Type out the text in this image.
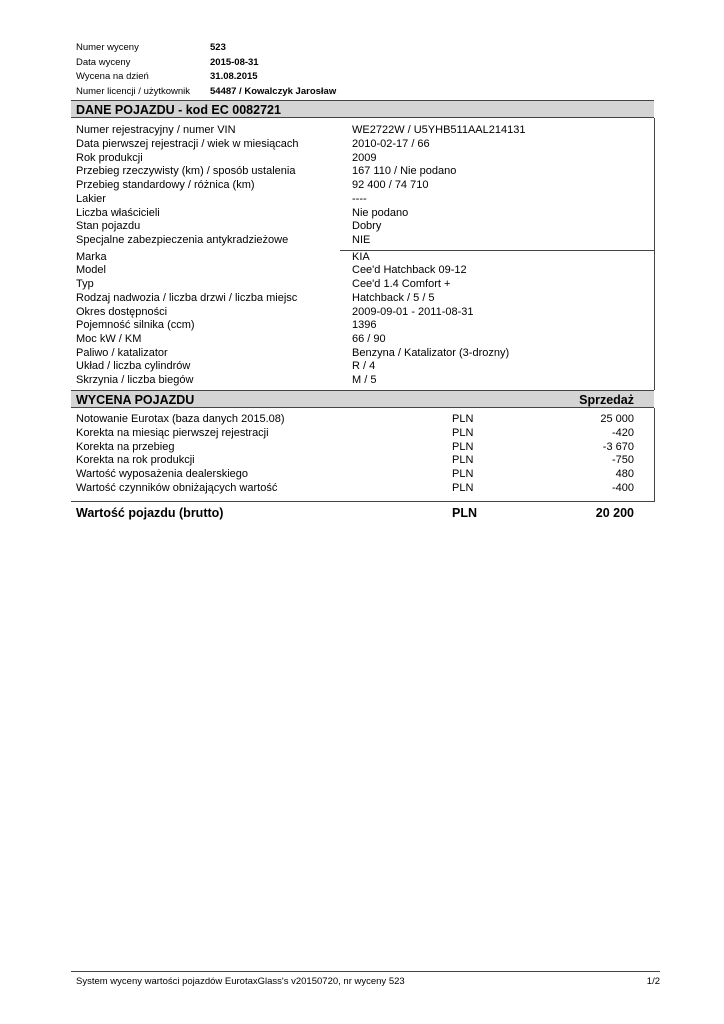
Numer wyceny	523
Data wyceny	2015-08-31
Wycena na dzień	31.08.2015
Numer licencji / użytkownik 54487 / Kowalczyk Jarosław
DANE POJAZDU - kod EC 0082721
Numer rejestracyjny / numer VIN	WE2722W / U5YHB511AAL214131
Data pierwszej rejestracji / wiek w miesiącach	2010-02-17 / 66
Rok produkcji	2009
Przebieg rzeczywisty (km) / sposób ustalenia	167 110 / Nie podano
Przebieg standardowy / różnica (km)	92 400 / 74 710
Lakier	----
Liczba właścicieli	Nie podano
Stan pojazdu	Dobry
Specjalne zabezpieczenia antykradzieżowe	NIE
Marka	KIA
Model	Cee'd Hatchback 09-12
Typ	Cee'd 1.4 Comfort +
Rodzaj nadwozia / liczba drzwi / liczba miejsc	Hatchback / 5 / 5
Okres dostępności	2009-09-01 - 2011-08-31
Pojemność silnika (ccm)	1396
Moc kW / KM	66 / 90
Paliwo / katalizator	Benzyna / Katalizator (3-drozny)
Układ / liczba cylindrów	R / 4
Skrzynia / liczba biegów	M / 5
WYCENA POJAZDU	Sprzedaż
Notowanie Eurotax (baza danych 2015.08)	PLN	25 000
Korekta na miesiąc pierwszej rejestracji	PLN	-420
Korekta na przebieg	PLN	-3 670
Korekta na rok produkcji	PLN	-750
Wartość wyposażenia dealerskiego	PLN	480
Wartość czynników obniżających wartość	PLN	-400
Wartość pojazdu (brutto)	PLN	20 200
System wyceny wartości pojazdów EurotaxGlass's v20150720, nr wyceny 523	1/2
